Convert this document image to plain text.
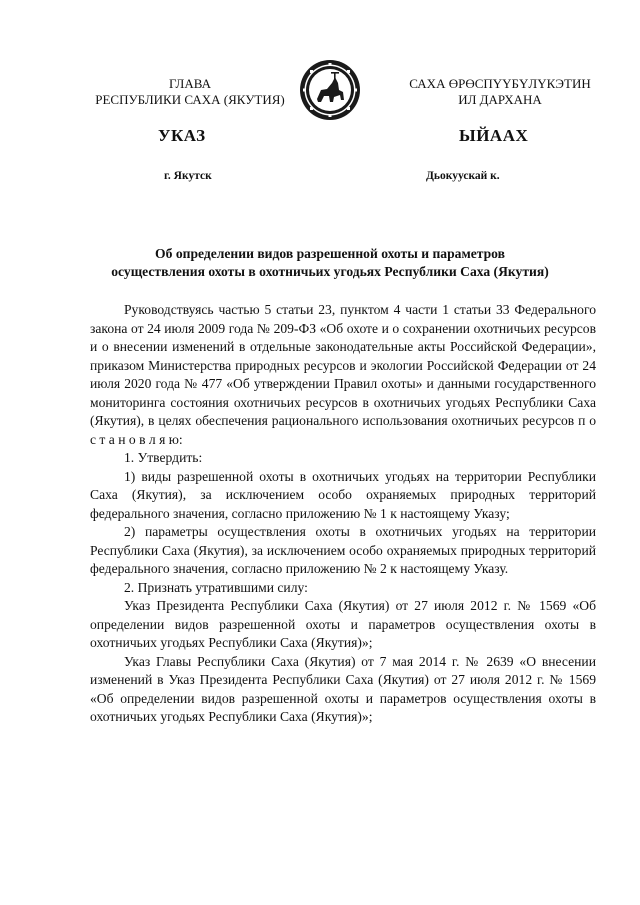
ГЛАВА
РЕСПУБЛИКИ САХА (ЯКУТИЯ)
САХА ӨРӨСПҮҮБҮЛҮКЭТИН
ИЛ ДАРХАНА
УКАЗ	ЫЙААХ
г. Якутск	Дьокуускай к.
Об определении видов разрешенной охоты и параметров
осуществления охоты в охотничьих угодьях Республики Саха (Якутия)

Руководствуясь частью 5 статьи 23, пунктом 4 части 1 статьи 33 Федерального закона от 24 июля 2009 года № 209-ФЗ «Об охоте и о сохранении охотничьих ресурсов и о внесении изменений в отдельные законодательные акты Российской Федерации», приказом Министерства природных ресурсов и экологии Российской Федерации от 24 июля 2020 года № 477 «Об утверждении Правил охоты» и данными государственного мониторинга состояния охотничьих ресурсов в охотничьих угодьях Республики Саха (Якутия), в целях обеспечения рационального использования охотничьих ресурсов п о с т а н о в л я ю:

1. Утвердить:

1) виды разрешенной охоты в охотничьих угодьях на территории Республики Саха (Якутия), за исключением особо охраняемых природных территорий федерального значения, согласно приложению № 1 к настоящему Указу;

2) параметры осуществления охоты в охотничьих угодьях на территории Республики Саха (Якутия), за исключением особо охраняемых природных территорий федерального значения, согласно приложению № 2 к настоящему Указу.

2. Признать утратившими силу:

Указ Президента Республики Саха (Якутия) от 27 июля 2012 г. № 1569 «Об определении видов разрешенной охоты и параметров осуществления охоты в охотничьих угодьях Республики Саха (Якутия)»;

Указ Главы Республики Саха (Якутия) от 7 мая 2014 г. № 2639 «О внесении изменений в Указ Президента Республики Саха (Якутия) от 27 июля 2012 г. № 1569 «Об определении видов разрешенной охоты и параметров осуществления охоты в охотничьих угодьях Республики Саха (Якутия)»;
